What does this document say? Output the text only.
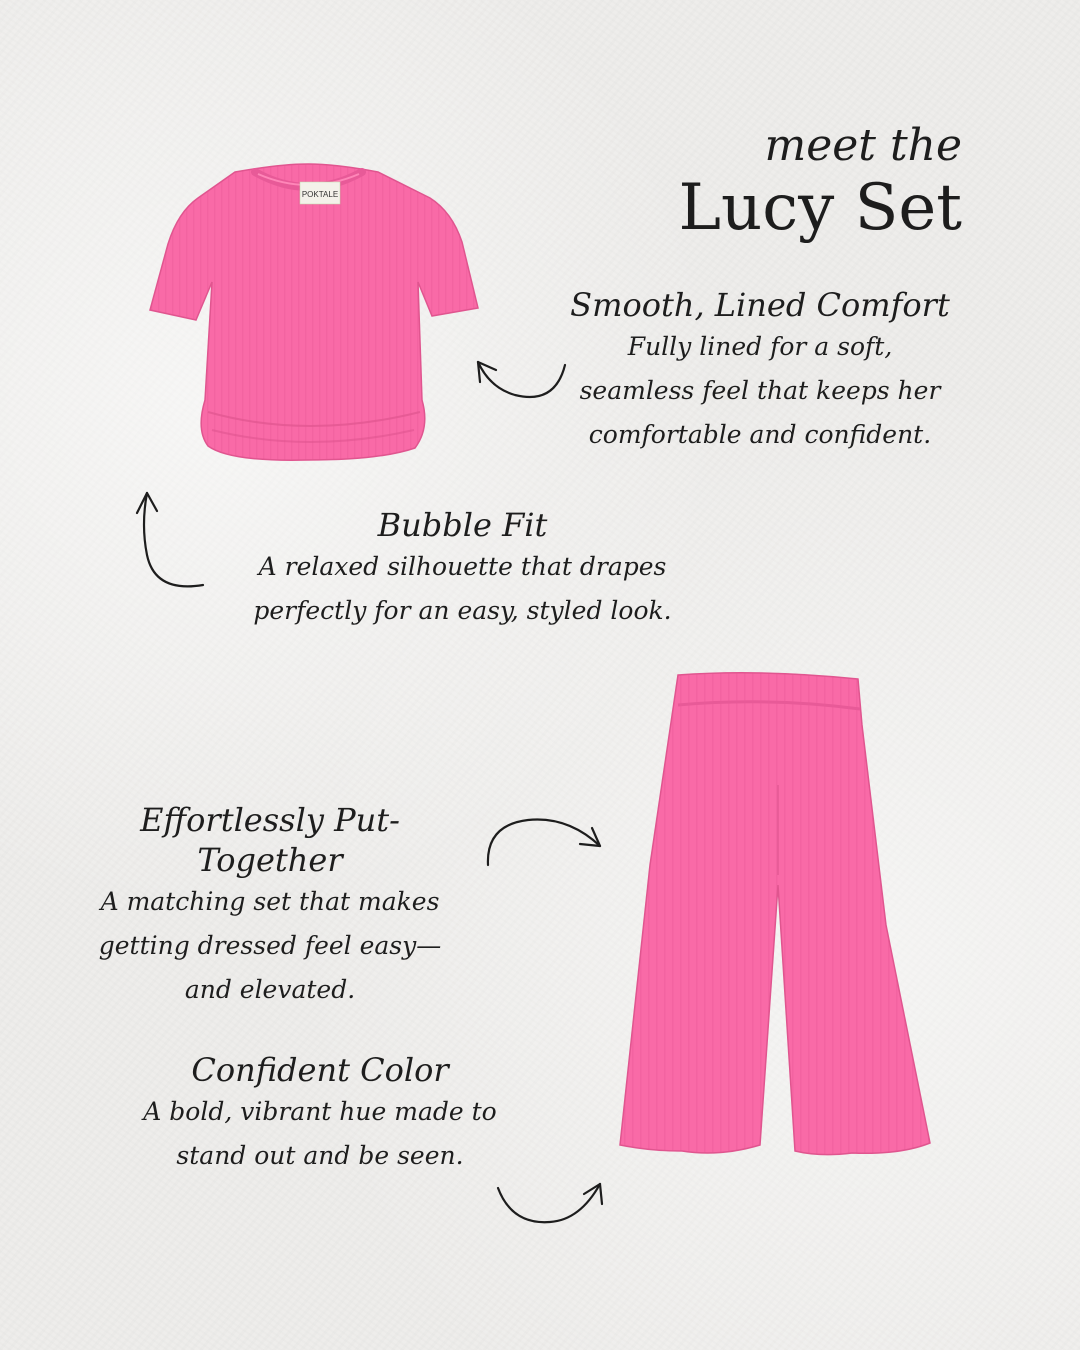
meet the
Lucy Set
POKTALE
Smooth, Lined Comfort
Fully lined for a soft,
seamless feel that keeps her
comfortable and confident.
Bubble Fit
A relaxed silhouette that drapes
perfectly for an easy, styled look.
Effortlessly Put-Together
A matching set that makes
getting dressed feel easy—
and elevated.
Confident Color
A bold, vibrant hue made to
stand out and be seen.
